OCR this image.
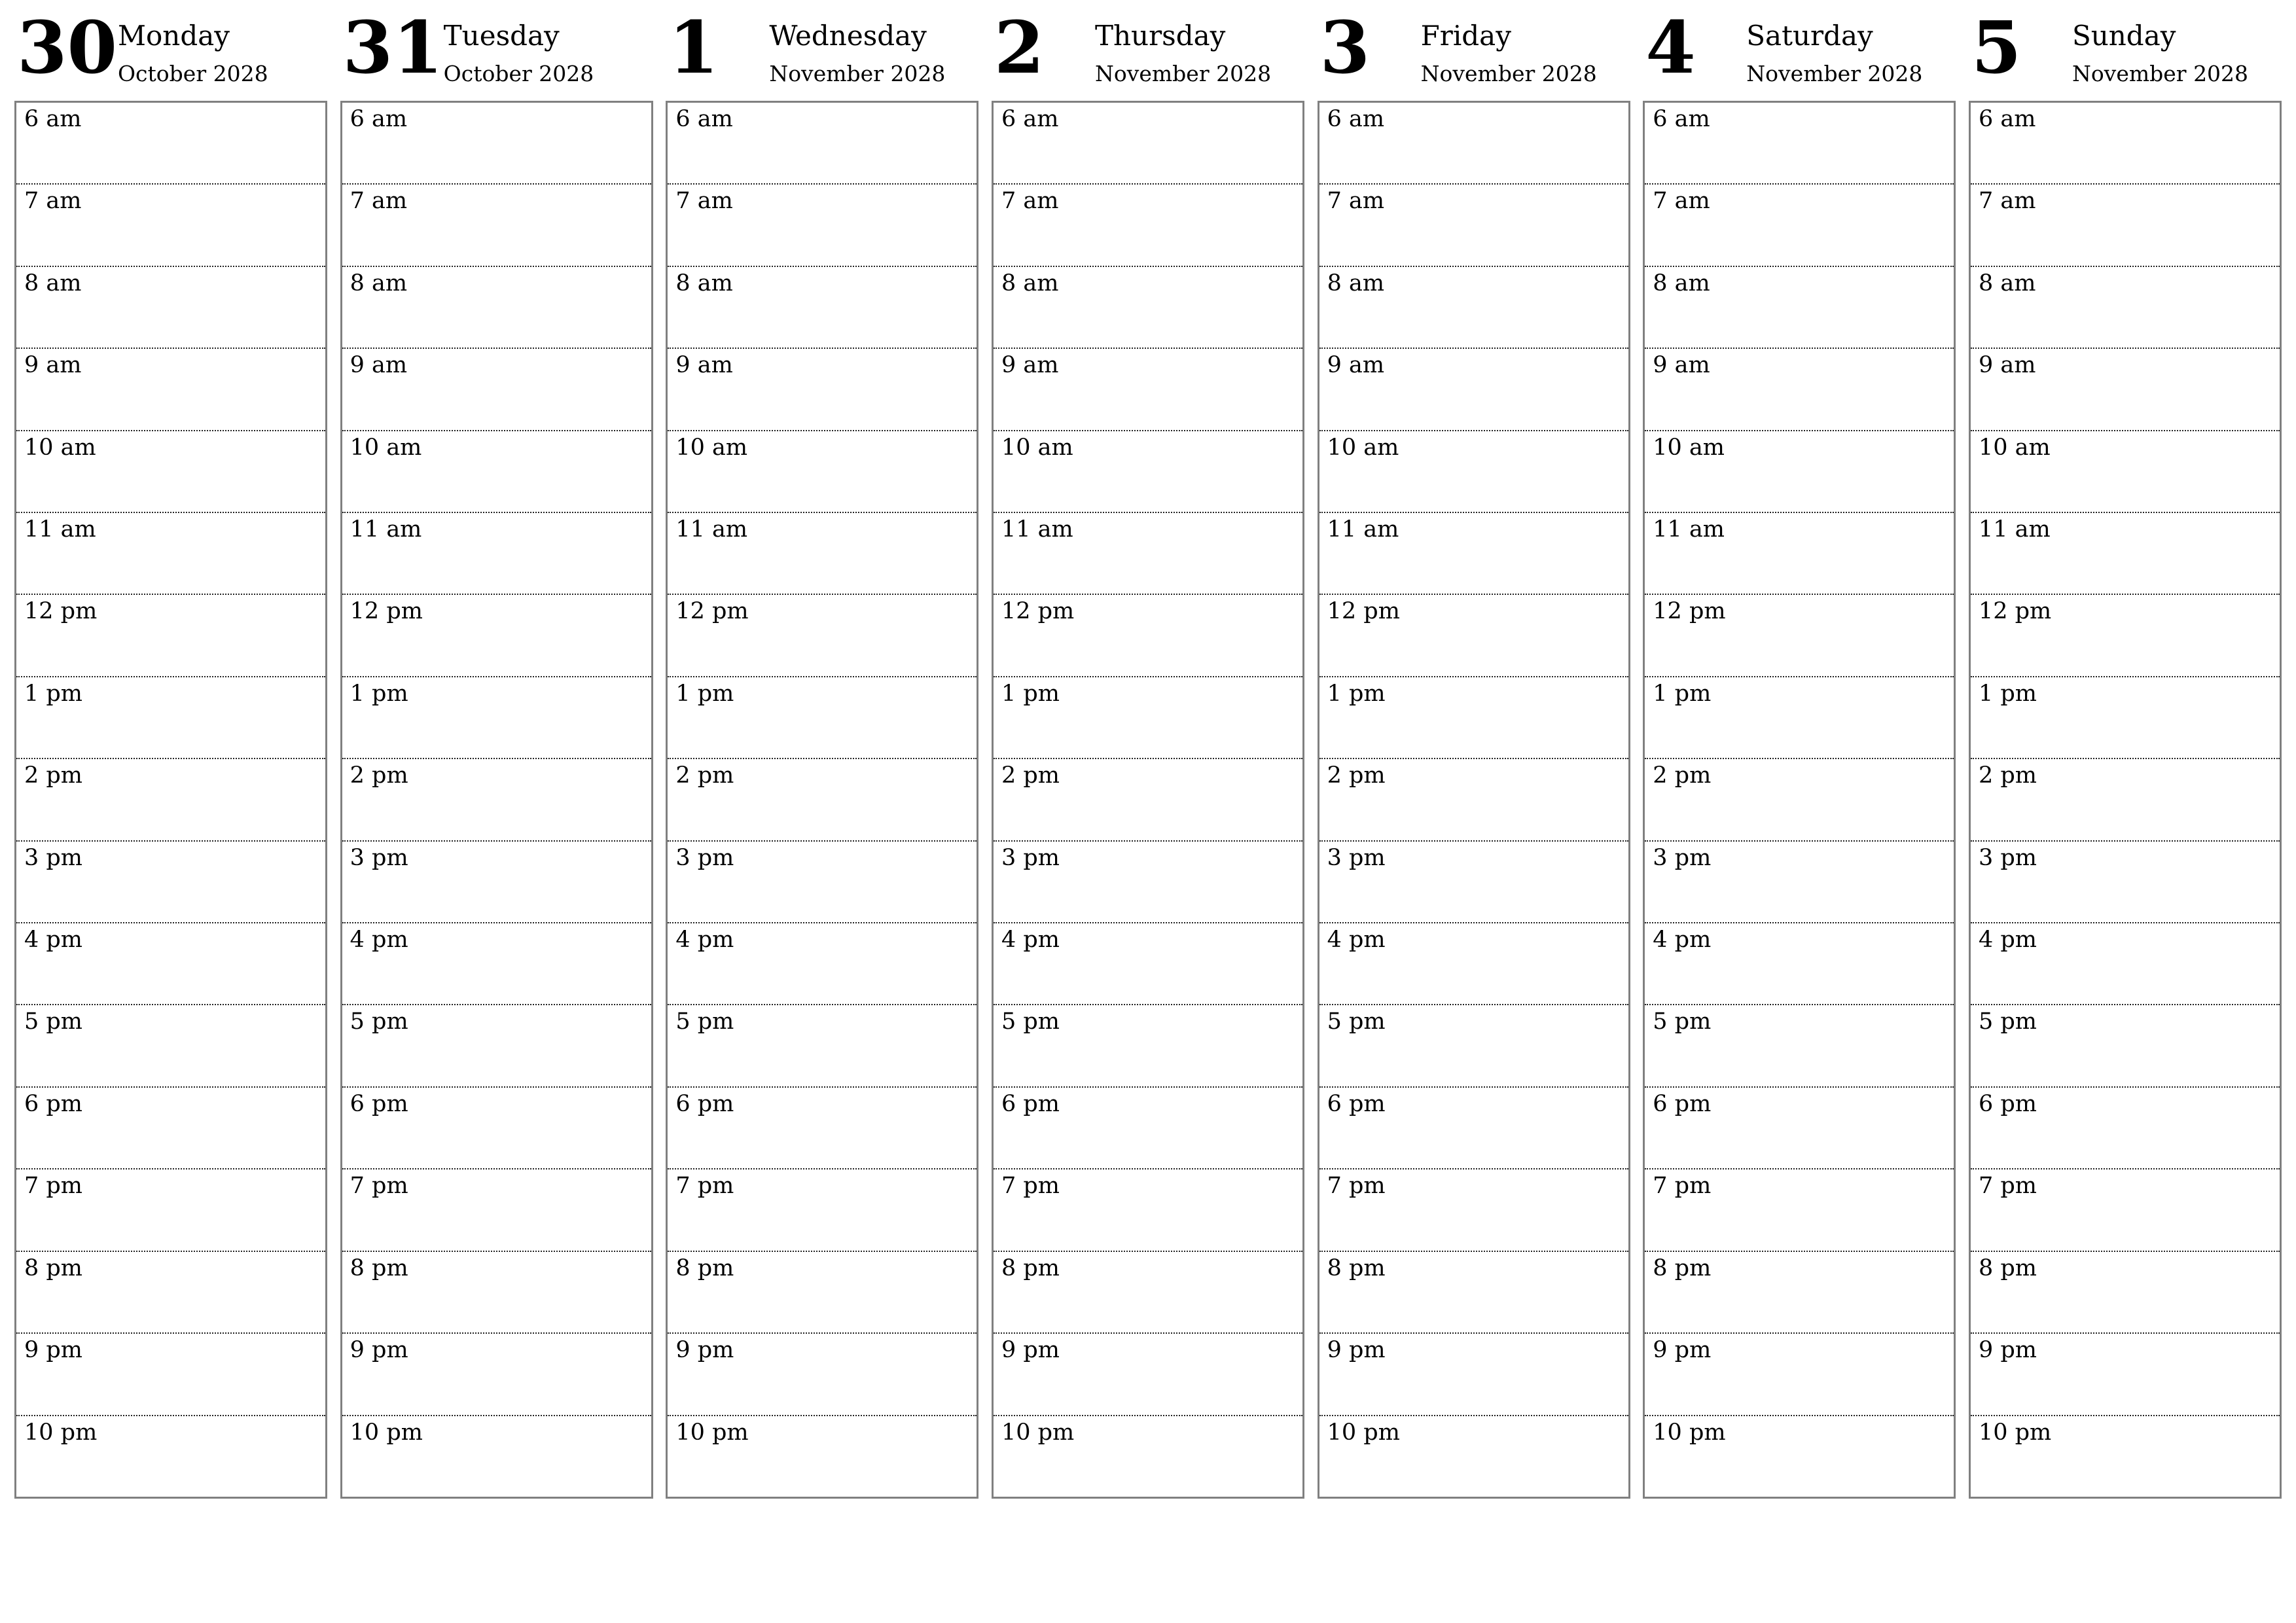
30 Monday
October 2028
6 am
7 am
8 am
9 am
10 am
11 am
12 pm
1 pm
2 pm
3 pm
4 pm
5 pm
6 pm
7 pm
8 pm
9 pm
10 pm
31 Tuesday
October 2028
6 am
7 am
8 am
9 am
10 am
11 am
12 pm
1 pm
2 pm
3 pm
4 pm
5 pm
6 pm
7 pm
8 pm
9 pm
10 pm
1 Wednesday
November 2028
6 am
7 am
8 am
9 am
10 am
11 am
12 pm
1 pm
2 pm
3 pm
4 pm
5 pm
6 pm
7 pm
8 pm
9 pm
10 pm
2 Thursday
November 2028
6 am
7 am
8 am
9 am
10 am
11 am
12 pm
1 pm
2 pm
3 pm
4 pm
5 pm
6 pm
7 pm
8 pm
9 pm
10 pm
3 Friday
November 2028
6 am
7 am
8 am
9 am
10 am
11 am
12 pm
1 pm
2 pm
3 pm
4 pm
5 pm
6 pm
7 pm
8 pm
9 pm
10 pm
4 Saturday
November 2028
6 am
7 am
8 am
9 am
10 am
11 am
12 pm
1 pm
2 pm
3 pm
4 pm
5 pm
6 pm
7 pm
8 pm
9 pm
10 pm
5 Sunday
November 2028
6 am
7 am
8 am
9 am
10 am
11 am
12 pm
1 pm
2 pm
3 pm
4 pm
5 pm
6 pm
7 pm
8 pm
9 pm
10 pm
